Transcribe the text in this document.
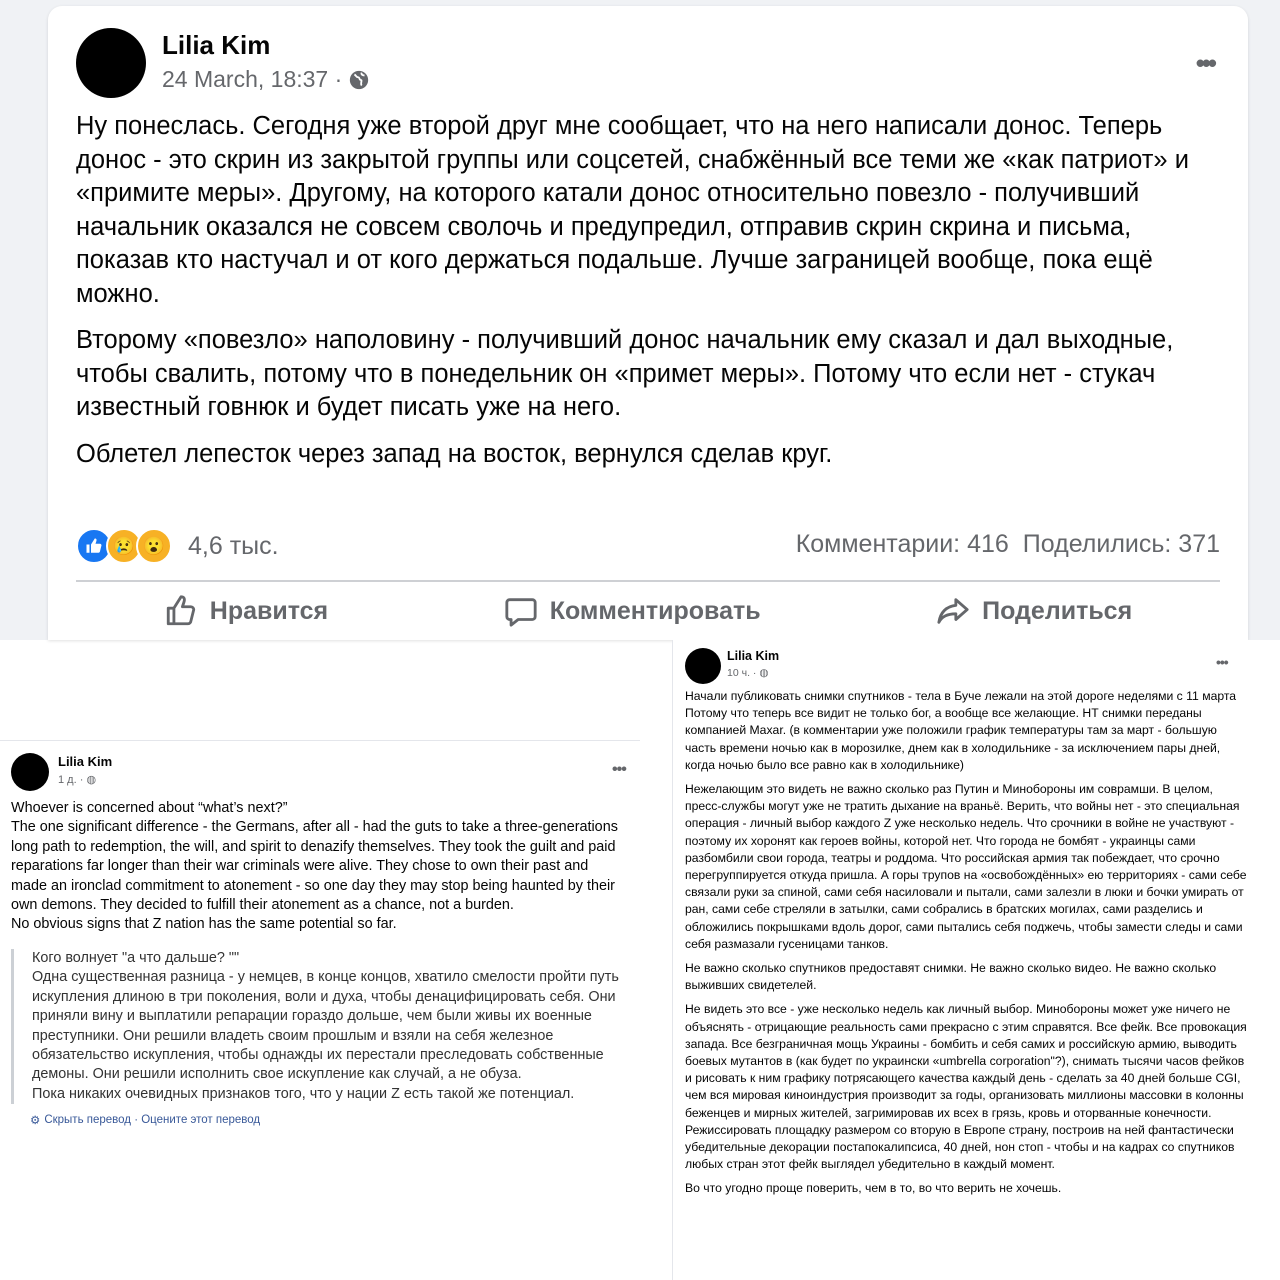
Lilia Kim
24 March, 18:37 ·
•••

Ну понеслась. Сегодня уже второй друг мне сообщает, что на него написали донос. Теперь донос - это скрин из закрытой группы или соцсетей, снабжённый все теми же «как патриот» и «примите меры». Другому, на которого катали донос относительно повезло - получивший начальник оказался не совсем сволочь и предупредил, отправив скрин скрина и письма, показав кто настучал и от кого держаться подальше. Лучше заграницей вообще, пока ещё можно.

Второму «повезло» наполовину - получивший донос начальник ему сказал и дал выходные, чтобы свалить, потому что в понедельник он «примет меры». Потому что если нет - стукач известный говнюк и будет писать уже на него.

Облетел лепесток через запад на восток, вернулся сделав круг.

😢 😮 4,6 тыс.	Комментарии: 416 Поделились: 371
Нравится	Комментировать	Поделиться
Lilia Kim
1 д. · ◍
•••

Whoever is concerned about “what’s next?”

The one significant difference - the Germans, after all - had the guts to take a three-generations long path to redemption, the will, and spirit to denazify themselves. They took the guilt and paid reparations far longer than their war criminals were alive. They chose to own their past and made an ironclad commitment to atonement - so one day they may stop being haunted by their own demons. They decided to fulfill their atonement as a chance, not a burden.

No obvious signs that Z nation has the same potential so far.

Кого волнует "а что дальше? ""

Одна существенная разница - у немцев, в конце концов, хватило смелости пройти путь искупления длиною в три поколения, воли и духа, чтобы денацифицировать себя. Они приняли вину и выплатили репарации гораздо дольше, чем были живы их военные преступники. Они решили владеть своим прошлым и взяли на себя железное обязательство искупления, чтобы однажды их перестали преследовать собственные демоны. Они решили исполнить свое искупление как случай, а не обуза.

Пока никаких очевидных признаков того, что у нации Z есть такой же потенциал.

⚙ Скрыть перевод · Оцените этот перевод
Lilia Kim
10 ч. · ◍
•••

Начали публиковать снимки спутников - тела в Буче лежали на этой дороге неделями с 11 марта Потому что теперь все видит не только бог, а вообще все желающие. НТ снимки переданы компанией Maxar. (в комментарии уже положили график температуры там за март - большую часть времени ночью как в морозилке, днем как в холодильнике - за исключением пары дней, когда ночью было все равно как в холодильнике)

Нежелающим это видеть не важно сколько раз Путин и Минобороны им соврамши. В целом, пресс-службы могут уже не тратить дыхание на враньё. Верить, что войны нет - это специальная операция - личный выбор каждого Z уже несколько недель. Что срочники в войне не участвуют - поэтому их хоронят как героев войны, которой нет. Что города не бомбят - украинцы сами разбомбили свои города, театры и роддома. Что российская армия так побеждает, что срочно перегруппируется откуда пришла. А горы трупов на «освобождённых» ею территориях - сами себе связали руки за спиной, сами себя насиловали и пытали, сами залезли в люки и бочки умирать от ран, сами себе стреляли в затылки, сами собрались в братских могилах, сами разделись и обложились покрышками вдоль дорог, сами пытались себя поджечь, чтобы замести следы и сами себя размазали гусеницами танков.

Не важно сколько спутников предоставят снимки. Не важно сколько видео. Не важно сколько выживших свидетелей.

Не видеть это все - уже несколько недель как личный выбор. Минобороны может уже ничего не объяснять - отрицающие реальность сами прекрасно с этим справятся. Все фейк. Все провокация запада. Все безграничная мощь Украины - бомбить и себя самих и российскую армию, выводить боевых мутантов в (как будет по украински «umbrella corporation"?), снимать тысячи часов фейков и рисовать к ним графику потрясающего качества каждый день - сделать за 40 дней больше CGI, чем вся мировая киноиндустрия производит за годы, организовать миллионы массовки в колонны беженцев и мирных жителей, загримировав их всех в грязь, кровь и оторванные конечности. Режиссировать площадку размером со вторую в Европе страну, построив на ней фантастически убедительные декорации постапокалипсиса, 40 дней, нон стоп - чтобы и на кадрах со спутников любых стран этот фейк выглядел убедительно в каждый момент.

Во что угодно проще поверить, чем в то, во что верить не хочешь.
